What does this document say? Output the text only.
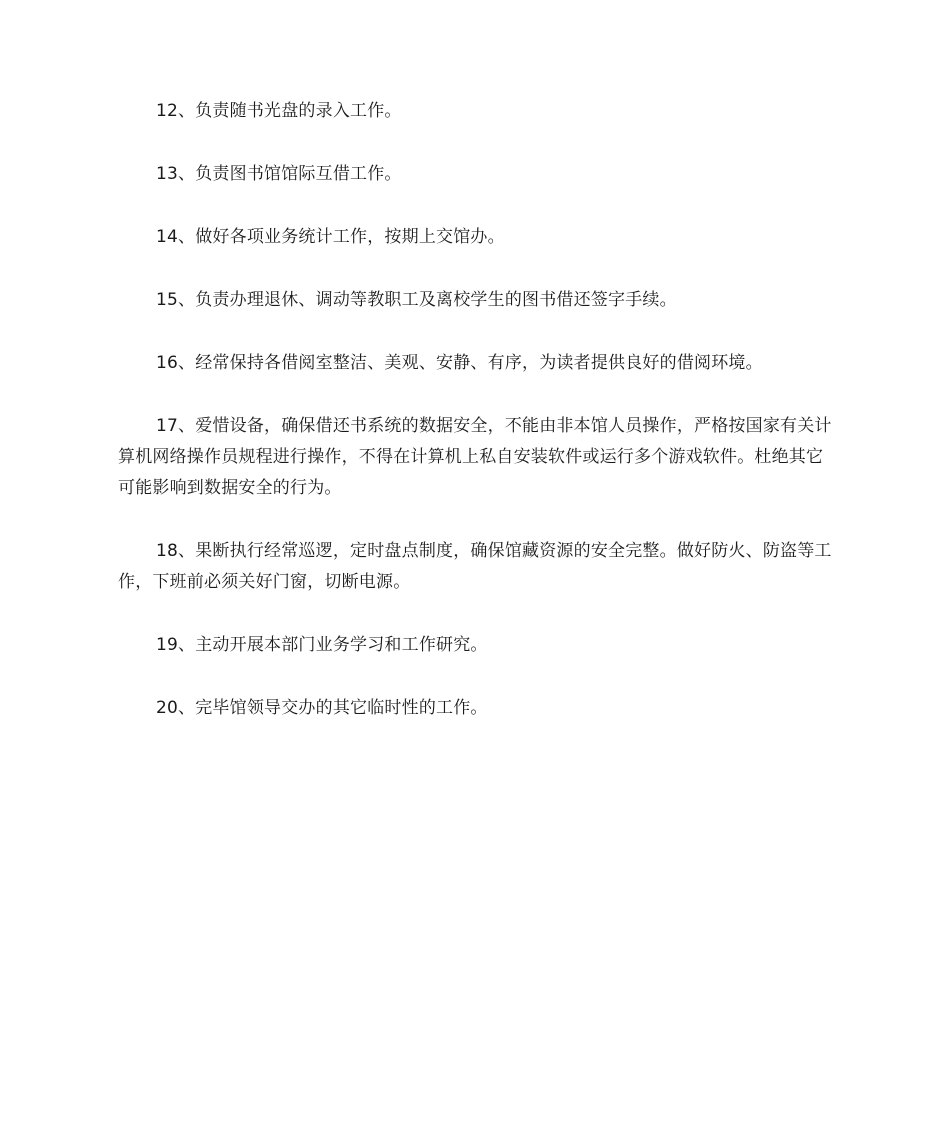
12、负责随书光盘的录入工作。

13、负责图书馆馆际互借工作。

14、做好各项业务统计工作，按期上交馆办。

15、负责办理退休、调动等教职工及离校学生的图书借还签字手续。

16、经常保持各借阅室整洁、美观、安静、有序，为读者提供良好的借阅环境。

17、爱惜设备，确保借还书系统的数据安全，不能由非本馆人员操作，严格按国家有关计算机网络操作员规程进行操作，不得在计算机上私自安装软件或运行多个游戏软件。杜绝其它可能影响到数据安全的行为。

18、果断执行经常巡逻，定时盘点制度，确保馆藏资源的安全完整。做好防火、防盗等工作，下班前必须关好门窗，切断电源。

19、主动开展本部门业务学习和工作研究。

20、完毕馆领导交办的其它临时性的工作。
